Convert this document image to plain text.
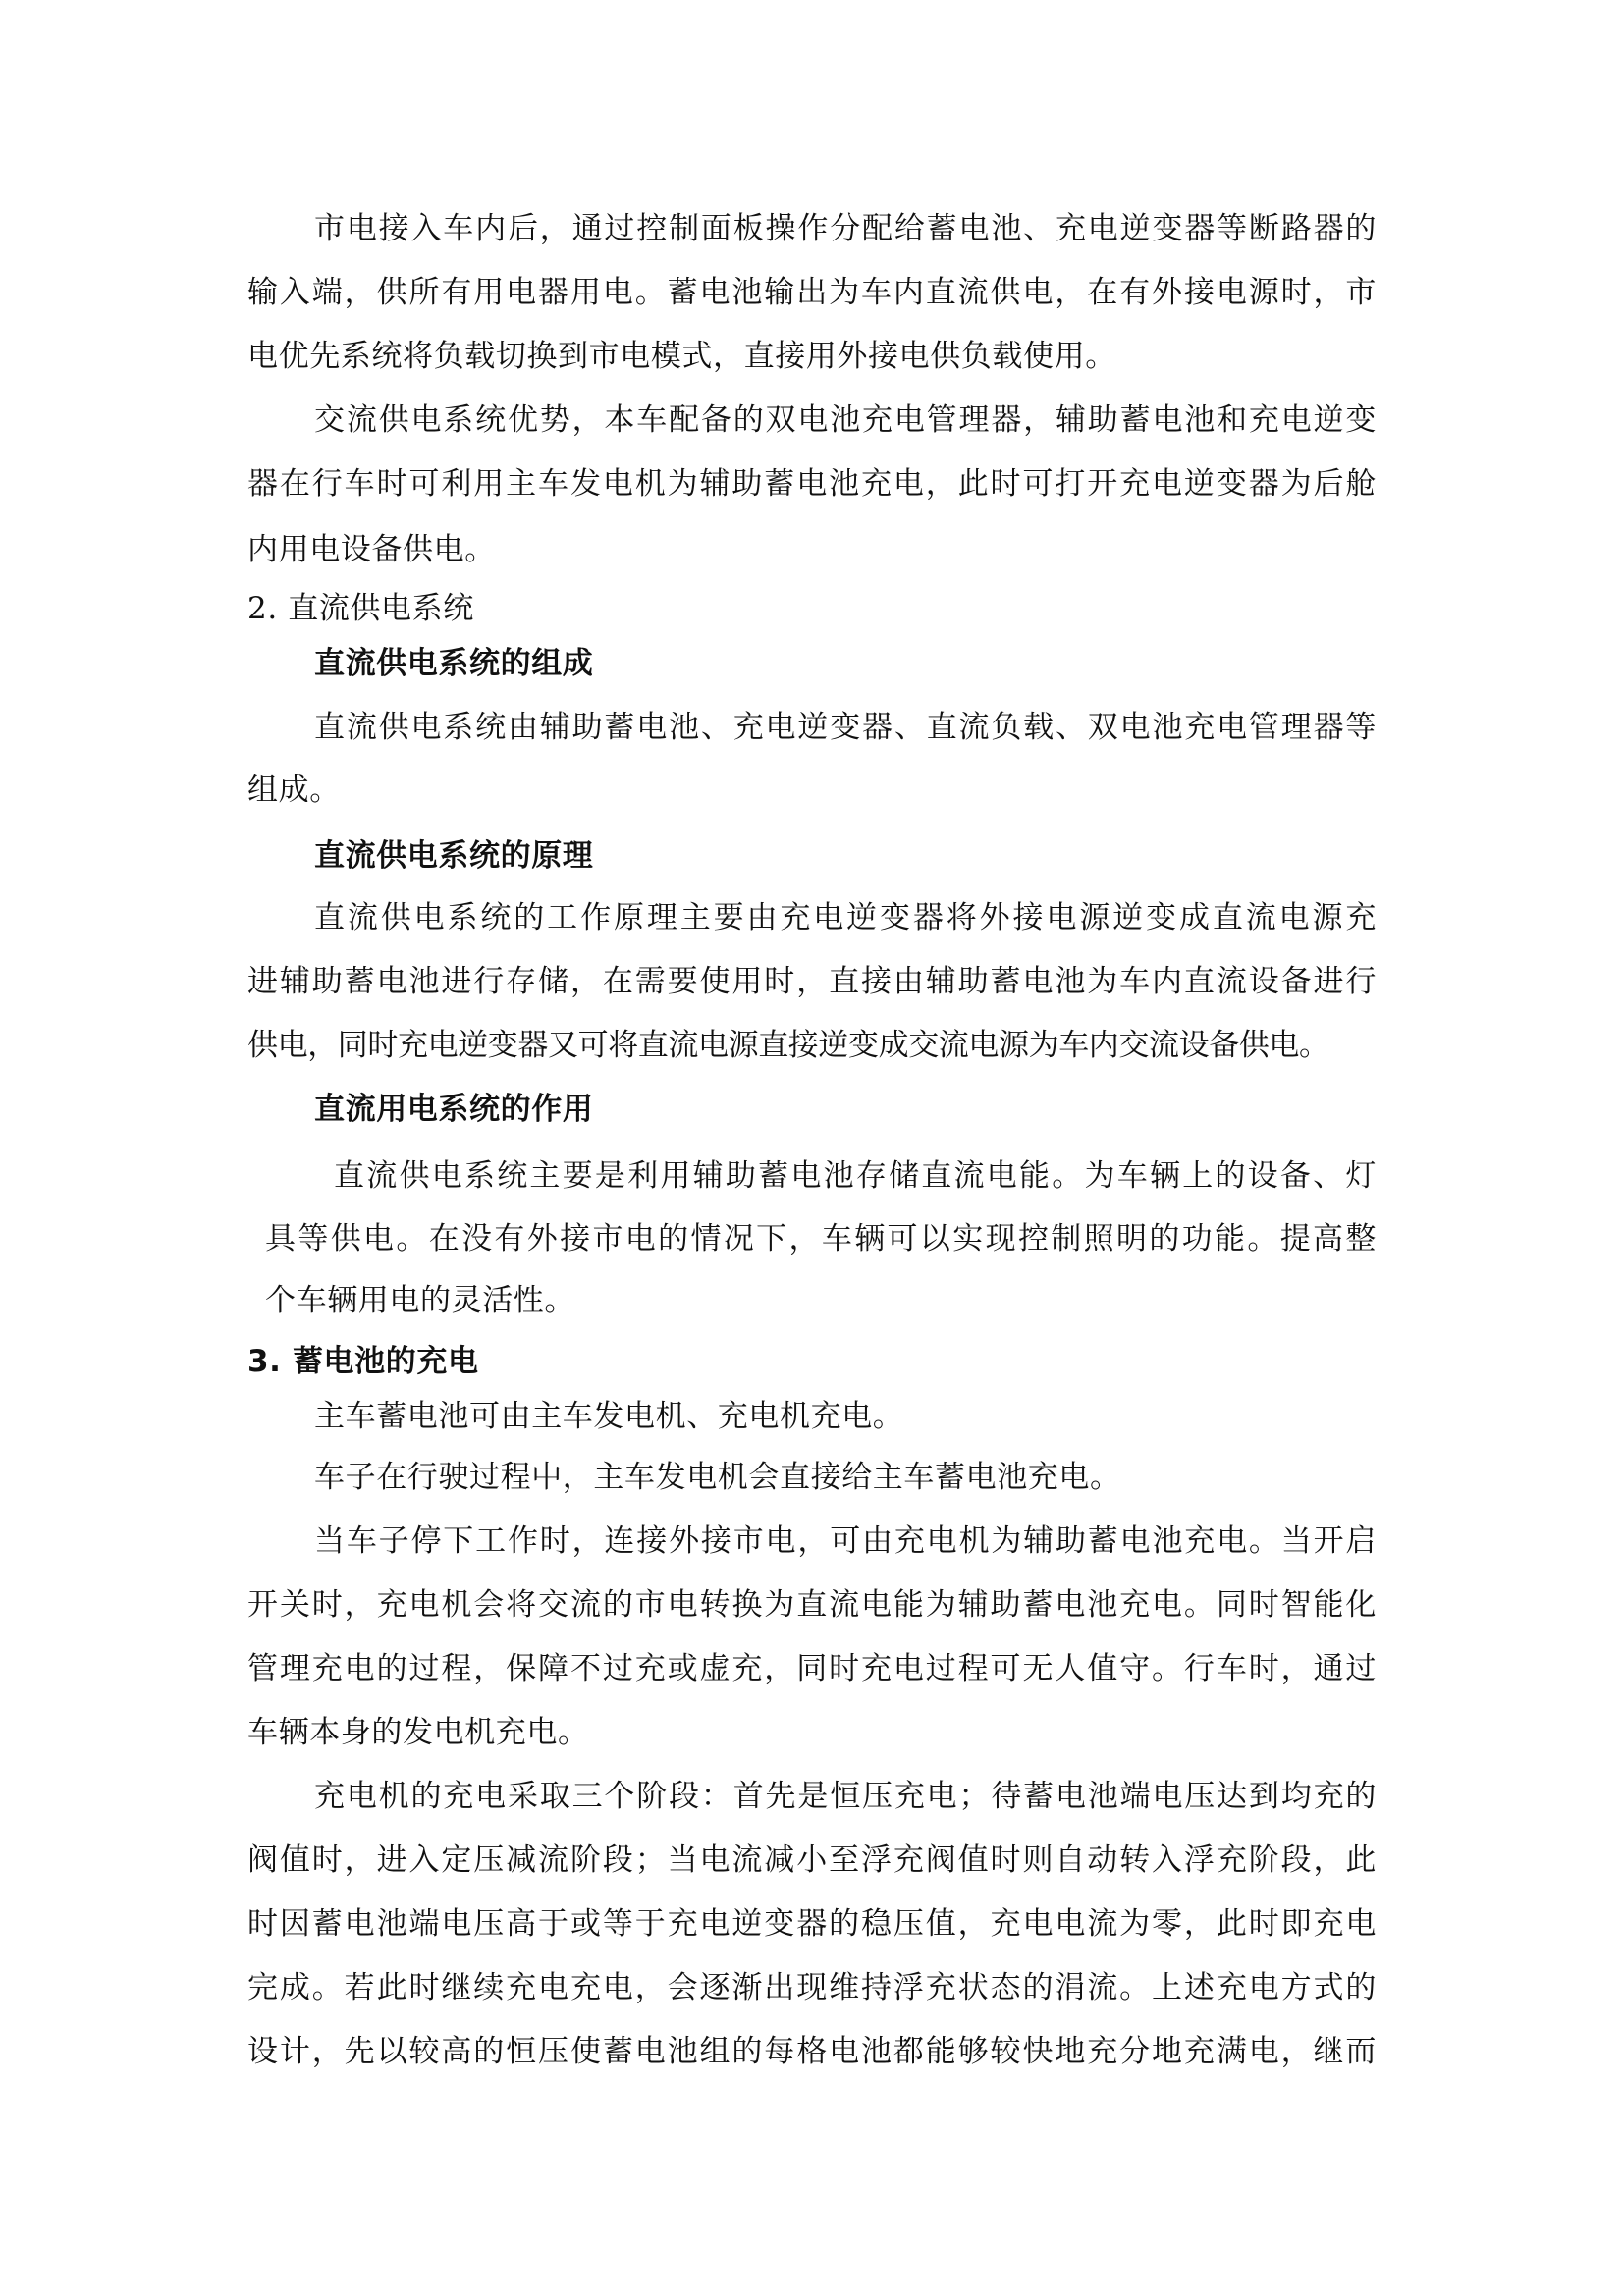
市电接入车内后，通过控制面板操作分配给蓄电池、充电逆变器等断路器的
输入端，供所有用电器用电。蓄电池输出为车内直流供电，在有外接电源时，市
电优先系统将负载切换到市电模式，直接用外接电供负载使用。
交流供电系统优势，本车配备的双电池充电管理器，辅助蓄电池和充电逆变
器在行车时可利用主车发电机为辅助蓄电池充电，此时可打开充电逆变器为后舱
内用电设备供电。
2. 直流供电系统
直流供电系统的组成
直流供电系统由辅助蓄电池、充电逆变器、直流负载、双电池充电管理器等
组成。
直流供电系统的原理
直流供电系统的工作原理主要由充电逆变器将外接电源逆变成直流电源充
进辅助蓄电池进行存储，在需要使用时，直接由辅助蓄电池为车内直流设备进行
供电，同时充电逆变器又可将直流电源直接逆变成交流电源为车内交流设备供电。
直流用电系统的作用
直流供电系统主要是利用辅助蓄电池存储直流电能。为车辆上的设备、灯
具等供电。在没有外接市电的情况下，车辆可以实现控制照明的功能。提高整
个车辆用电的灵活性。
3. 蓄电池的充电
主车蓄电池可由主车发电机、充电机充电。
车子在行驶过程中，主车发电机会直接给主车蓄电池充电。
当车子停下工作时，连接外接市电，可由充电机为辅助蓄电池充电。当开启
开关时，充电机会将交流的市电转换为直流电能为辅助蓄电池充电。同时智能化
管理充电的过程，保障不过充或虚充，同时充电过程可无人值守。行车时，通过
车辆本身的发电机充电。
充电机的充电采取三个阶段：首先是恒压充电；待蓄电池端电压达到均充的
阀值时，进入定压减流阶段；当电流减小至浮充阀值时则自动转入浮充阶段，此
时因蓄电池端电压高于或等于充电逆变器的稳压值，充电电流为零，此时即充电
完成。若此时继续充电充电，会逐渐出现维持浮充状态的涓流。上述充电方式的
设计，先以较高的恒压使蓄电池组的每格电池都能够较快地充分地充满电，继而
